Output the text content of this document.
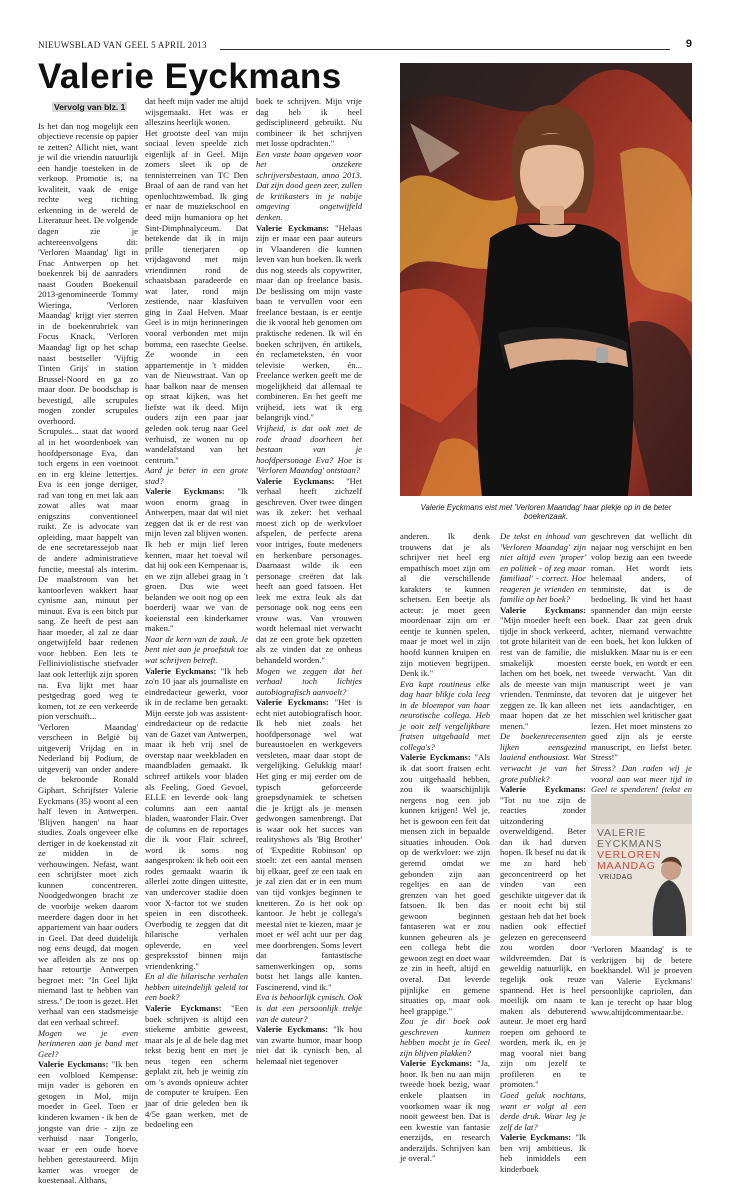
NIEUWSBLAD VAN GEEL 5 APRIL 2013	9
Valerie Eyckmans
Vervolg van blz. 1

Is het dan nog mogelijk een objectieve recensie op papier te zetten? Allicht niet, want je wil die vriendin natuurlijk een handje toesteken in de verkoop. Promotie is, na kwaliteit, vaak de enige rechte weg richting erkenning in de wereld de Literatuur heet. De volgende dagen zie je achtereenvolgens dit: 'Verloren Maandag' ligt in Fnac Antwerpen op het boekenrek bij de aanraders naast Gouden Boekenuil 2013-genomineerde Tommy Wieringa, 'Verloren Maandag' krijgt vier sterren in de boekenrubriek van Focus Knack, 'Verloren Maandag' ligt op het schap naast bestseller 'Vijftig Tinten Grijs' in station Brussel-Noord en ga zo maar door. De boodschap is bevestigd, alle scrupules mogen zonder scrupules overboord.

Scrupules... staat dat woord al in het woordenboek van hoofdpersonage Eva, dan toch ergens in een voetnoot en in erg kleine lettertjes. Eva is een jonge dertiger, rad van tong en met lak aan zowat alles wat maar enigszins conventioneel ruikt. Ze is advocate van opleiding, maar happelt van de ene secretaressejob naar de andere administratieve functie, meestal als interim. De maalstroom van het kantoorleven wakkert haar cynisme aan, minuut per minuut. Eva is een bitch pur sang. Ze heeft de pest aan haar moeder, al zal ze daar ongetwijfeld haar redenen voor hebben. Een lets te Felliniviolistische stiefvader laat ook letterlijk zijn sporen na. Eva lijkt met haar pestgedrag goed weg te komen, tot ze een verkeerde pion verschuift...

'Verloren Maandag' verscheen in België bij uitgeverij Vrijdag en in Nederland bij Podium, de uitgeverij van onder andere de bekroonde Ronald Giphart. Schrijfster Valerie Eyckmans (35) woont al een half leven in Antwerpen. 'Blijven hangen' na haar studies. Zoals ongeveer elke dertiger in de koekenstad zit ze midden in de verhouwingen. Nefast, want een schrijfster moet zich kunnen concentreren. Noodgedwongen bracht ze de voorbije weken daarom meerdere dagen door in het appartement van haar ouders in Geel. Dat deed duidelijk nog eens deugd, dat mogen we afleiden als ze ons op haar retourtje Antwerpen begroet met: "In Geel lijkt niemand last te hebben van stress." De toon is gezet. Het verhaal van een stadsmeisje dat een verhaal schreef.

Mogen we je even herinneren aan je band met Geel?

Valerie Eyckmans: "Ik ben een volbloed Kempense: mijn vader is geboren en getogen in Mol, mijn moeder in Geel. Toen er kinderen kwamen - ik ben de jongste van drie - zijn ze verhuisd naar Tongerlo, waar er een oude hoeve hebben gerestaureerd. Mijn kamer was vroeger de koestenaal. Althans,

dat heeft mijn vader me altijd wijsgemaakt. Het was er alleszins heerlijk wonen.

Het grootste deel van mijn sociaal leven speelde zich eigenlijk af in Geel. Mijn zomers sleet ik op de tennisterreinen van TC Den Braal of aan de rand van het openluchtzwembad. Ik ging er naar de muziekschool en deed mijn humaniora op het Sint-Dimphnalyceum. Dat betekende dat ik in mijn prille tienerjaren op vrijdagavond met mijn vriendinnen rond de schaatsbaan paradeerde en wat later, rond mijn zestiende, naar klasfuiven ging in Zaal Helven. Maar Geel is in mijn herinneringen vooral verbonden met mijn bomma, een rasechte Geelse. Ze woonde in een appartementje in 't midden van de Nieuwstraat. Van op haar balkon naar de mensen op straat kijken, was het liefste wat ik deed. Mijn ouders zijn een paar jaar geleden ook terug naar Geel verhuisd, ze wonen nu op wandelafstand van het centrum."

Aard je beter in een grote stad?

Valerie Eyckmans: "Ik woon enorm graag in Antwerpen, maar dat wil niet zeggen dat ik er de rest van mijn leven zal blijven wonen. Ik heb er mijn lief leren kennen, maar het toeval wil dat hij ook een Kempenaar is, en we zijn allebei graag in 't groen. Dus wie weet belanden we ooit nog op een boerderij waar we van de koeienstal een kinderkamer maken."

Naar de kern van de zaak. Je bent niet aan je proefstuk toe wat schrijven betreft.

Valerie Eyckmans: "Ik heb zo'n 10 jaar als journaliste en eindredacteur gewerkt, voor ik in de reclame ben geraakt. Mijn eerste job was assistent-eindredacteur op de redactie van de Gazet van Antwerpen, maar ik heb vrij snel de overstap naar weekbladen en maandbladen gemaakt. Ik schreef artikels voor bladen als Feeling, Goed Gevoel, ELLE en leverde ook lang columns aan een aantal bladen, waaronder Flair. Over de columns en de reportages die ik voor Flair schreef, word ik soms nog aangesproken: ik heb ooit een rodes gemaakt waarin ik allerlei zotte dingen uittestte, van undercover stadiie doen voor X-factor tot we studen speien in een discotheek. Overbodig te zeggen dat dit hilarische verhalen opleverde, en veel gespreksstof binnen mijn vriendenkring."

En al die hilarische verhalen hebben uiteindelijk geleid tot een boek?

Valerie Eyckmans: "Een boek schrijven is altijd een stiekeme ambitie geweest, maar als je al de hele dag met tekst bezig bent en met je neus tegen een scherm geplakt zit, heb je weinig zin om 's avonds opnieuw achter de computer te kruipen. Een jaar of drie geleden ben ik 4/5e gaan werken, met de bedoeling een

boek te schrijven. Mijn vrije dag heb ik heel gedisciplineerd gebruikt. Nu combineer ik het schrijven met losse opdrachten."

Een vaste baan opgeven voor het onzekere schrijversbestaan, anno 2013. Dat zijn dood geen zeer, zullen de kritikasters in je nabije omgeving ongetwijfeld denken.

Valerie Eyckmans: "Helaas zijn er maar een paar auteurs in Vlaanderen die kunnen leven van hun boeken. Ik werk dus nog steeds als copywriter, maar dan op freelance basis. De beslissing om mijn vaste baan te vervullen voor een freelance bestaan, is er eentje die ik vooral heb genomen om praktische redenen. Ik wil én boeken schrijven, én artikels, én reclameteksten, én voor televisie werken, én... Freelance werken geeft me de mogelijkheid dat allemaal te combineren. En het geeft me vrijheid, iets wat ik erg belangrijk vind."

Vrijheid, is dat ook met de rode draad doorheen het bestaan van je hoofdpersonage Eva? Hoe is 'Verloren Maandag' ontstaan?

Valerie Eyckmans: "Het verhaal heeft zichzelf geschreven. Over twee dingen was ik zeker: het verhaal moest zich op de werkvloer afspelen, de perfecte arena voor intriges, foute medeners en herkenbare personages. Daarnaast wilde ik een personage creëren dat lak heeft aan goed fatsoen. Het leek me extra leuk als dat personage ook nog eens een vrouw was. Van vrouwen wordt helemaal niet verwacht dat ze een grote bek opzetten als ze vinden dat ze onheus behandeld worden."

Mogen we zeggen dat het verhaal toch lichtjes autobiografisch aanvoelt?

Valerie Eyckmans: "Het is echt niet autobiografisch hoor. Ik heb niet zoals het hoofdpersonage wel wat bureaustoelen en werkgevers versleten, maar daar stopt de vergelijking. Gelukkig maar! Het ging er mij eerder om de typisch geforceerde groepsdynamiek te schetsen die je krijgt als je mensen gedwongen samenbrengt. Dat is waar ook het succes van realityshows als 'Big Brother' of 'Expeditie Robinson' op stoelt: zet een aantal mensen bij elkaar, geef ze een taak en je zal zien dat er in een mum van tijd vonkjes beginnen te knetteren. Zo is het ook op kantoor. Je hebt je collega's meestal niet te kiezen, maar je moet er wél acht uur per dag mee doorbrengen. Soms levert dat fantastische samenwerkingen op, soms botst het langs alle kanten. Fascinerend, vind ik."

Eva is behoorlijk cynisch. Ook is dat een persoonlijk trekje van de auteur?

Valerie Eyckmans: "Ik hou van zwarte humor, maar hoop niet dat ik cynisch ben, al helemaal niet tegenover

Valerie Eyckmans eist met 'Verloren Maandag' haar plekje op in de beter boekenzaak.

anderen. Ik denk trouwens dat je als schrijver net heel erg empathisch moet zijn om al die verschillende karakters te kunnen schetsen. Een beetje als acteur: je moet geen moordenaar zijn om er eentje te kunnen spelen, maar je moet wel in zijn hoofd kunnen kruipen en zijn motieven begrijpen. Denk ik."

Eva kapt routineus elke dag haar blikje cola leeg in de bloempot van haar neurotische collega. Heb je ooit zelf vergelijkbare fratsen uitgehaald met collega's?

Valerie Eyckmans: "Als ik dat soort fratsen echt zou uitgehaald hebben, zou ik waarschijnlijk nergens nog een job kunnen krijgen! Wel je, het is gewoon een feit dat mensen zich in bepaalde situaties inhouden. Ook op de werkvloer: we zijn geremd omdat we gebonden zijn aan regeltjes en aan de grenzen van het goed fatsoen. Ik ben das gewoon beginnen fantaseren wat er zou kunnen gebeuren als je een collega hebt die gewoon zegt en doet waar ze zin in heeft, altijd en overal. Dat leverde pijnlijke en gemene situaties op, maar ook heel grappige."

Zou je dit boek ook geschreven kunnen hebben mocht je in Geel zijn blijven plakken?

Valerie Eyckmans: "Ja, hoor. Ik ben nu aan mijn tweede boek bezig, waar enkele plaatsen in voorkomen waar ik nog nooit geweest ben. Dat is een kwestie van fantasie enerzijds, en research anderzijds. Schrijven kan je overal."

De tekst en inhoud van 'Verloren Maandag' zijn niet altijd even 'proper' en politiek - of zeg maar familiaal' - correct. Hoe reageren je vrienden en familie op het boek?

Valerie Eyckmans: "Mijn moeder heeft een tijdje in shock verkeerd, tot grote hilariteit van de rest van de familie, die smakelijk moesten lachen om het boek, net als de meeste van mijn vrienden. Tenminste, dat zeggen ze. Ik kan alleen maar hopen dat ze het menen."

De boekenrecensenten lijken eensgezind laaiend enthousiast. Wat verwacht je van het grote publiek?

Valerie Eyckmans: "Tot nu toe zijn de reacties zonder uitzondering overweldigend. Beter dan ik had durven hopen. Ik besef nu dat ik me zo hard heb geconcentreerd op het vinden van een geschikte uitgever dat ik er nooit echt bij stil gestaan heb dat het boek nadien ook effectief gelezen en gerecenseerd zou worden door wildvreemden. Dat is geweldig natuurlijk, en tegelijk ook reuze spannend. Het is heel moeilijk om naam te maken als debuterend auteur. Je moet erg hard roepen om gehoord te worden, merk ik, en je mag vooral niet bang zijn om jezelf te profileren en te promoten."

Goed geluk nochtans, want er volgt al een derde druk. Waar leg je zelf de lat?

Valerie Eyckmans: "Ik ben vrij ambitieus. Ik heb inmiddels een kinderboek

geschreven dat wellicht dit najaar nog verschijnt en ben volop bezig aan een tweede roman. Het wordt iets helemaal anders, of tenminste, dat is de bedoeling. Ik vind het haast spannender dan mijn eerste boek. Daar zat geen druk achter, niemand verwachtte een boek, het kon lukken of mislukken. Maar nu is er een eerste boek, en wordt er een tweede verwacht. Van dit manuscript weet je van tevoren dat je uitgever het net iets aandachtiger, en misschien wel kritischer gaat lezen. Het moet minstens zo goed zijn als je eerste manuscript, en liefst beter. Stress!"

Stress? Dan raden wij je vooral aan wat meer tijd in Geel te spenderen! (tekst en

VALERIE EYCKMANS
VERLOREN MAANDAG
VRIJDAG

'Verloren Maandag' is te verkrijgen bij de betere boekhandel. Wil je proeven van Valerie Eyckmans' persoonlijke capriolen, dan kan je terecht op haar blog www.altijdcommentaar.be.
